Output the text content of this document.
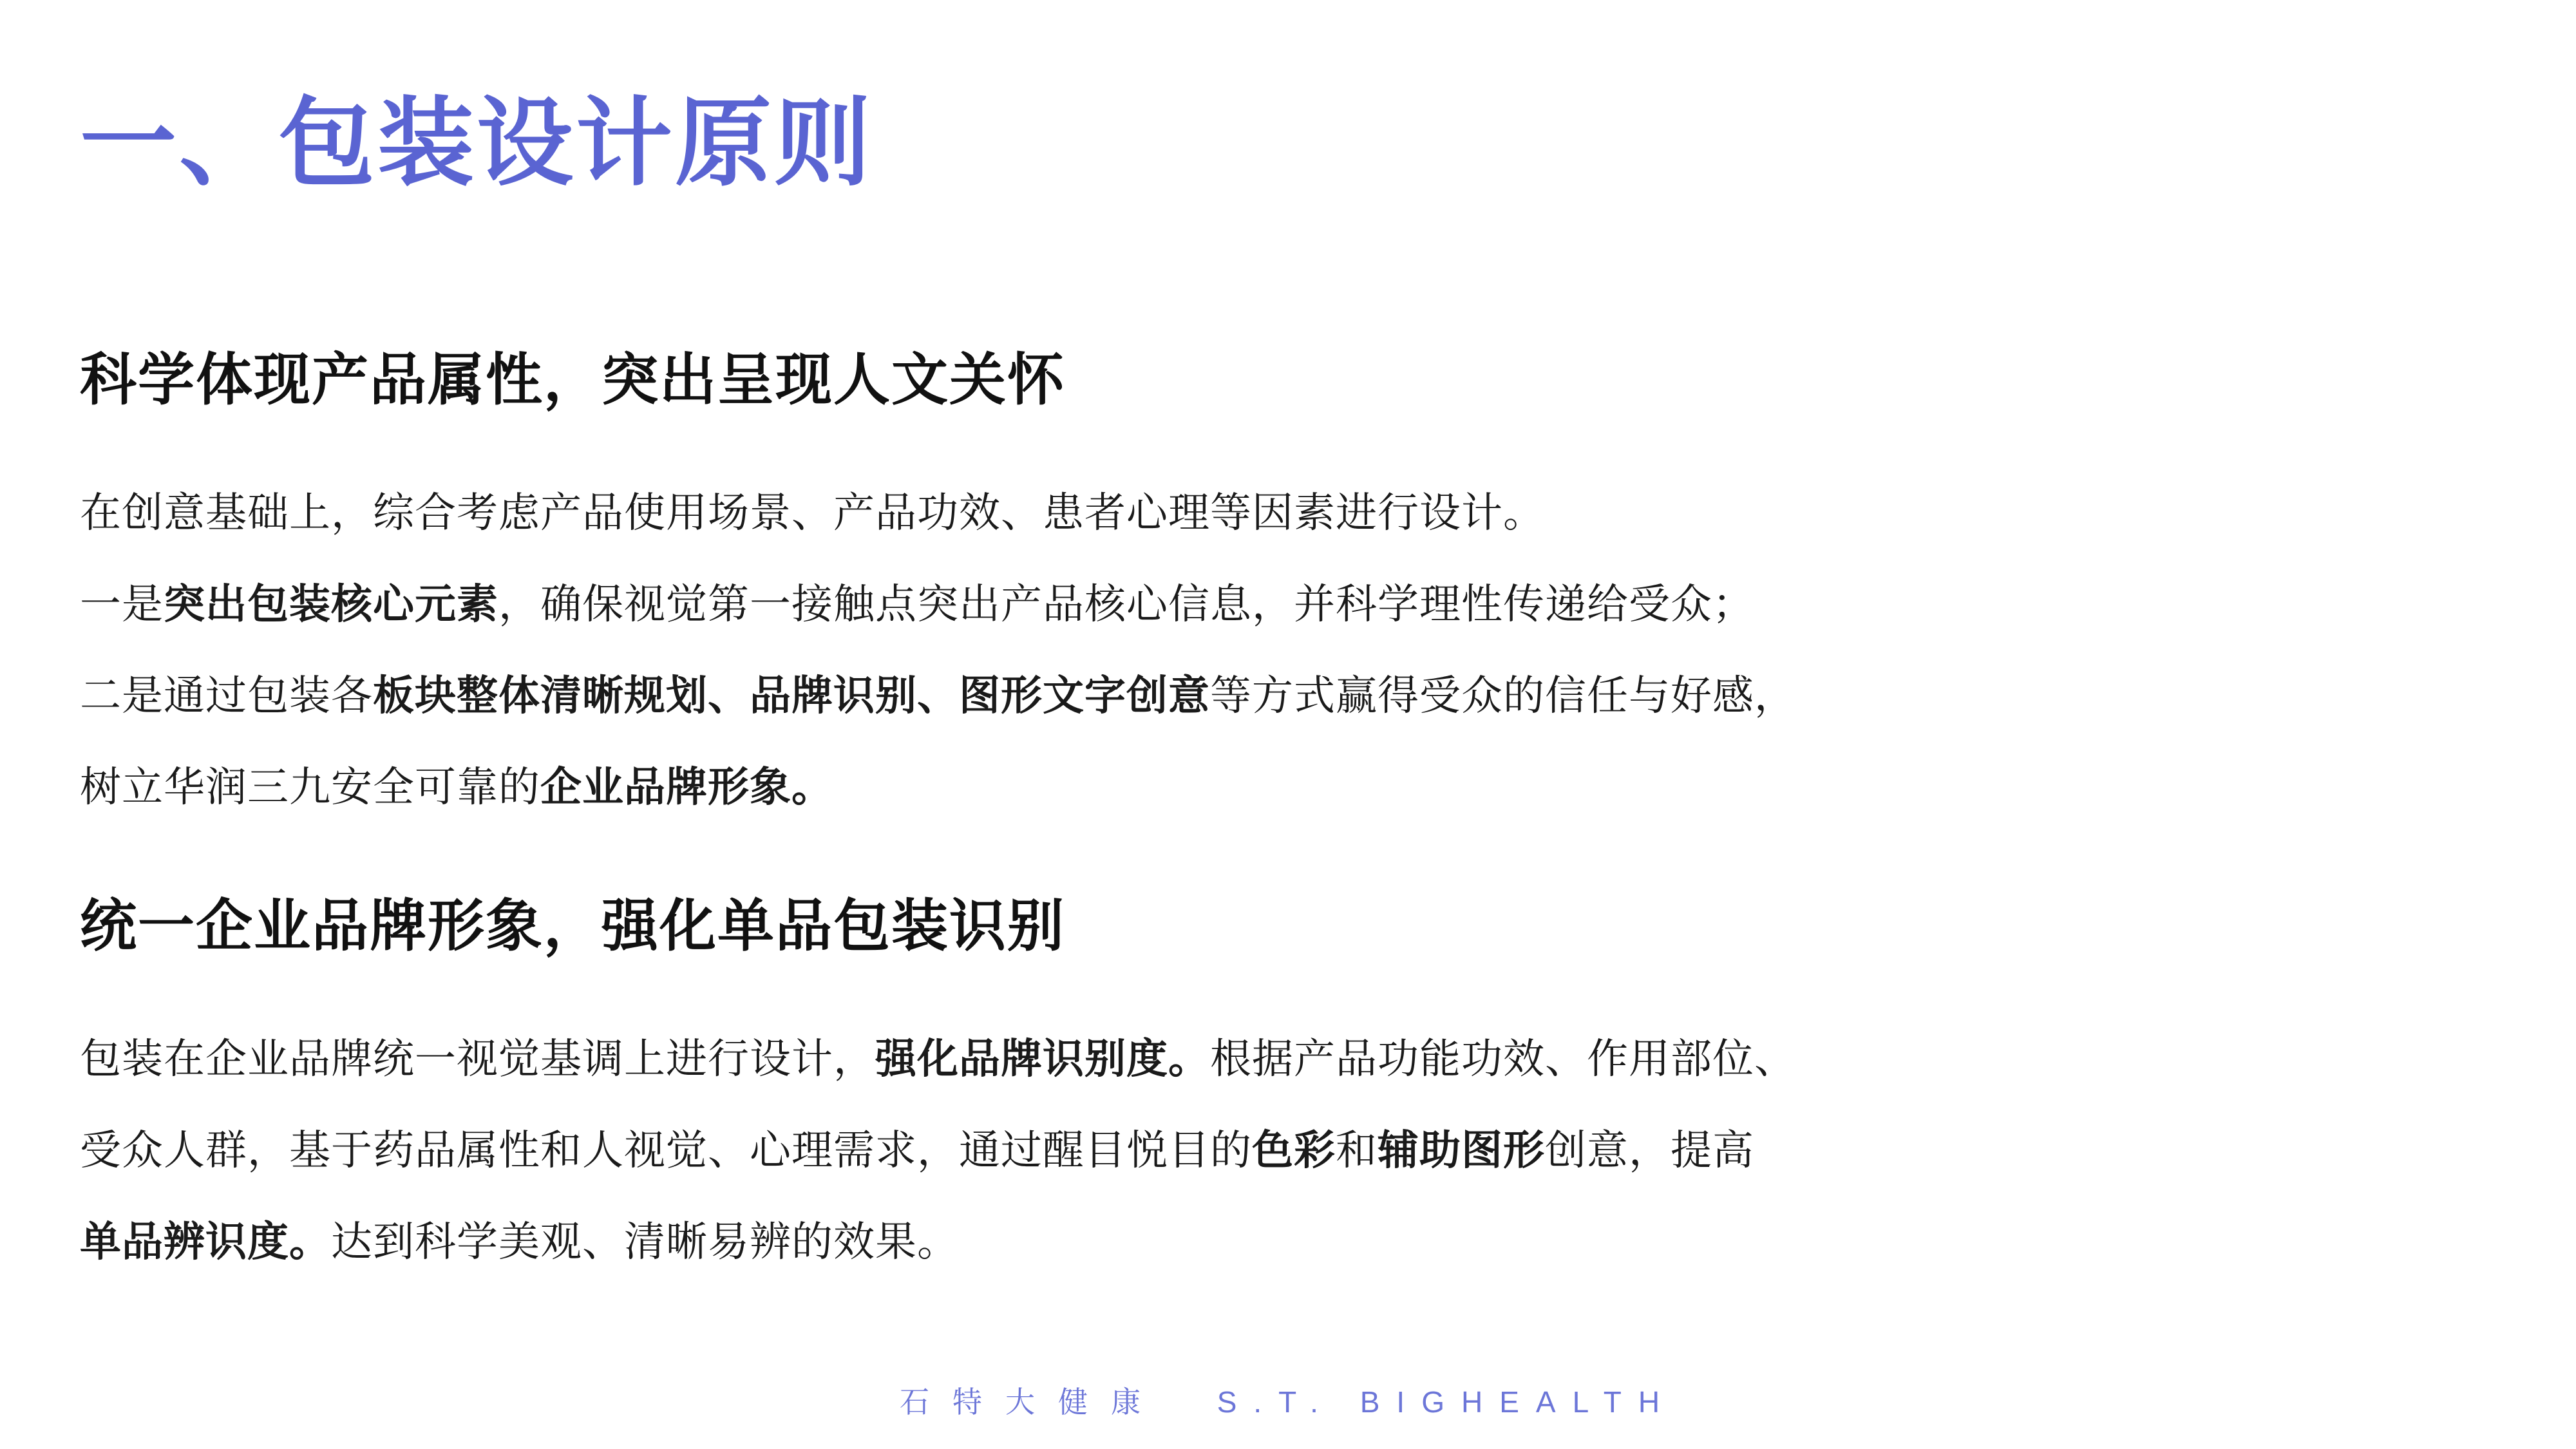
一、包装设计原则
科学体现产品属性，突出呈现人文关怀
在创意基础上，综合考虑产品使用场景、产品功效、患者心理等因素进行设计。
一是突出包装核心元素，确保视觉第一接触点突出产品核心信息，并科学理性传递给受众；
二是通过包装各板块整体清晰规划、品牌识别、图形文字创意等方式赢得受众的信任与好感，
树立华润三九安全可靠的企业品牌形象。
统一企业品牌形象，强化单品包装识别
包装在企业品牌统一视觉基调上进行设计，强化品牌识别度。根据产品功能功效、作用部位、
受众人群，基于药品属性和人视觉、心理需求，通过醒目悦目的色彩和辅助图形创意，提高
单品辨识度。达到科学美观、清晰易辨的效果。
石特大健康 S.T. BIGHEALTH
